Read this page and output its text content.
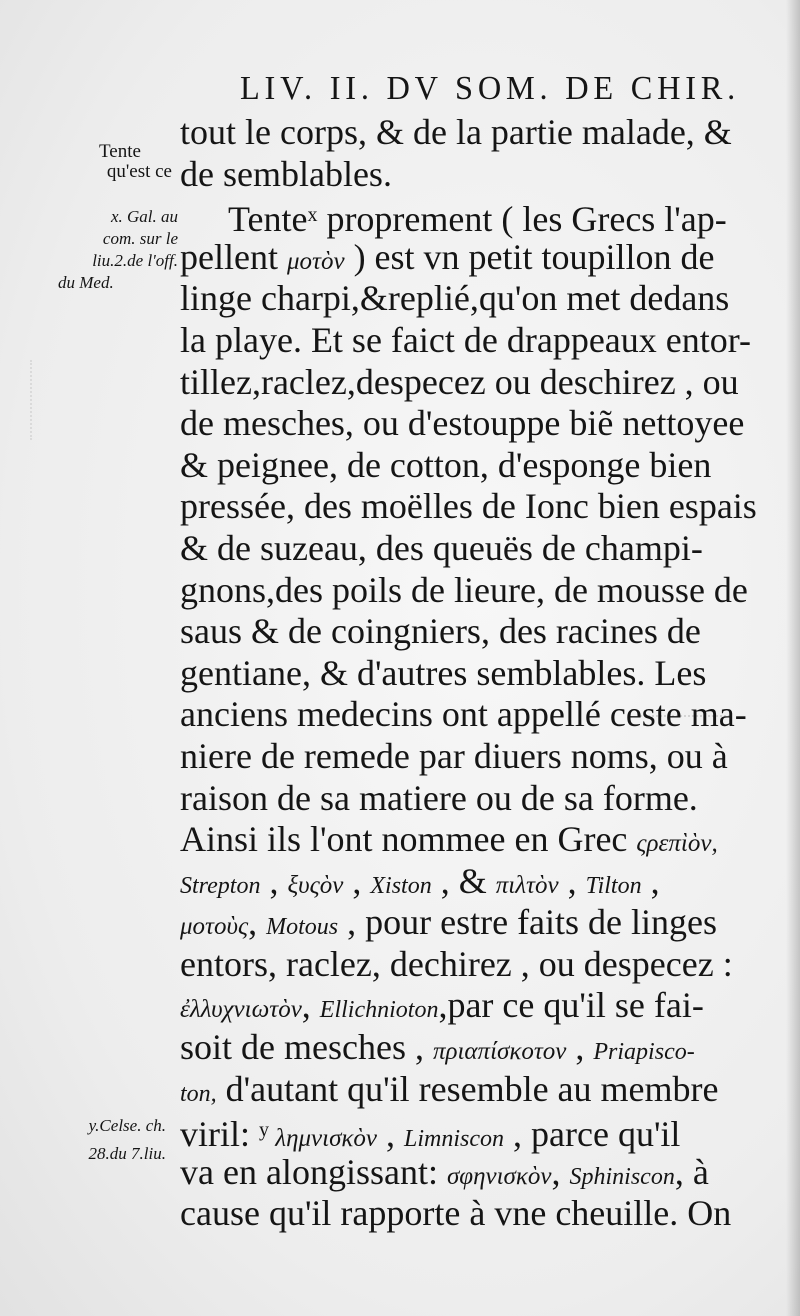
LIV. II. DV SOM. DE CHIR.
Tente
qu'est ce
x. Gal. au
com. sur le
liu.2.de l'off.
du Med.
y.Celse. ch.
28.du 7.liu.
tout le corps, & de la partie malade, &
de semblables.
Tente$^x$ proprement ( les Grecs l'ap-
pellent μοτὸν ) est vn petit toupillon de
linge charpi,&replié,qu'on met dedans
la playe. Et se faict de drappeaux entor-
tillez,raclez,despecez ou deschirez , ou
de mesches, ou d'estouppe biẽ nettoyee
& peignee, de cotton, d'esponge bien
pressée, des moëlles de Ionc bien espais
& de suzeau, des queuës de champi-
gnons,des poils de lieure, de mousse de
saus & de coingniers, des racines de
gentiane, & d'autres semblables. Les
anciens medecins ont appellé ceste ma-
niere de remede par diuers noms, ou à
raison de sa matiere ou de sa forme.
Ainsi ils l'ont nommee en Grec ςρεπὶὸν,
Strepton , ξυςὸν , Xiston , & πιλτὸν , Tilton ,
μοτοὺς, Motous , pour estre faits de linges
entors, raclez, dechirez , ou despecez :
ἐλλυχνιωτὸν, Ellichnioton,par ce qu'il se fai-
soit de mesches , πριαπίσκοτον , Priapisco-
ton, d'autant qu'il resemble au membre
viril: $^y$ λημνισκὸν , Limniscon , parce qu'il
va en alongissant: σφηνισκὸν, Sphiniscon, à
cause qu'il rapporte à vne cheuille. On
